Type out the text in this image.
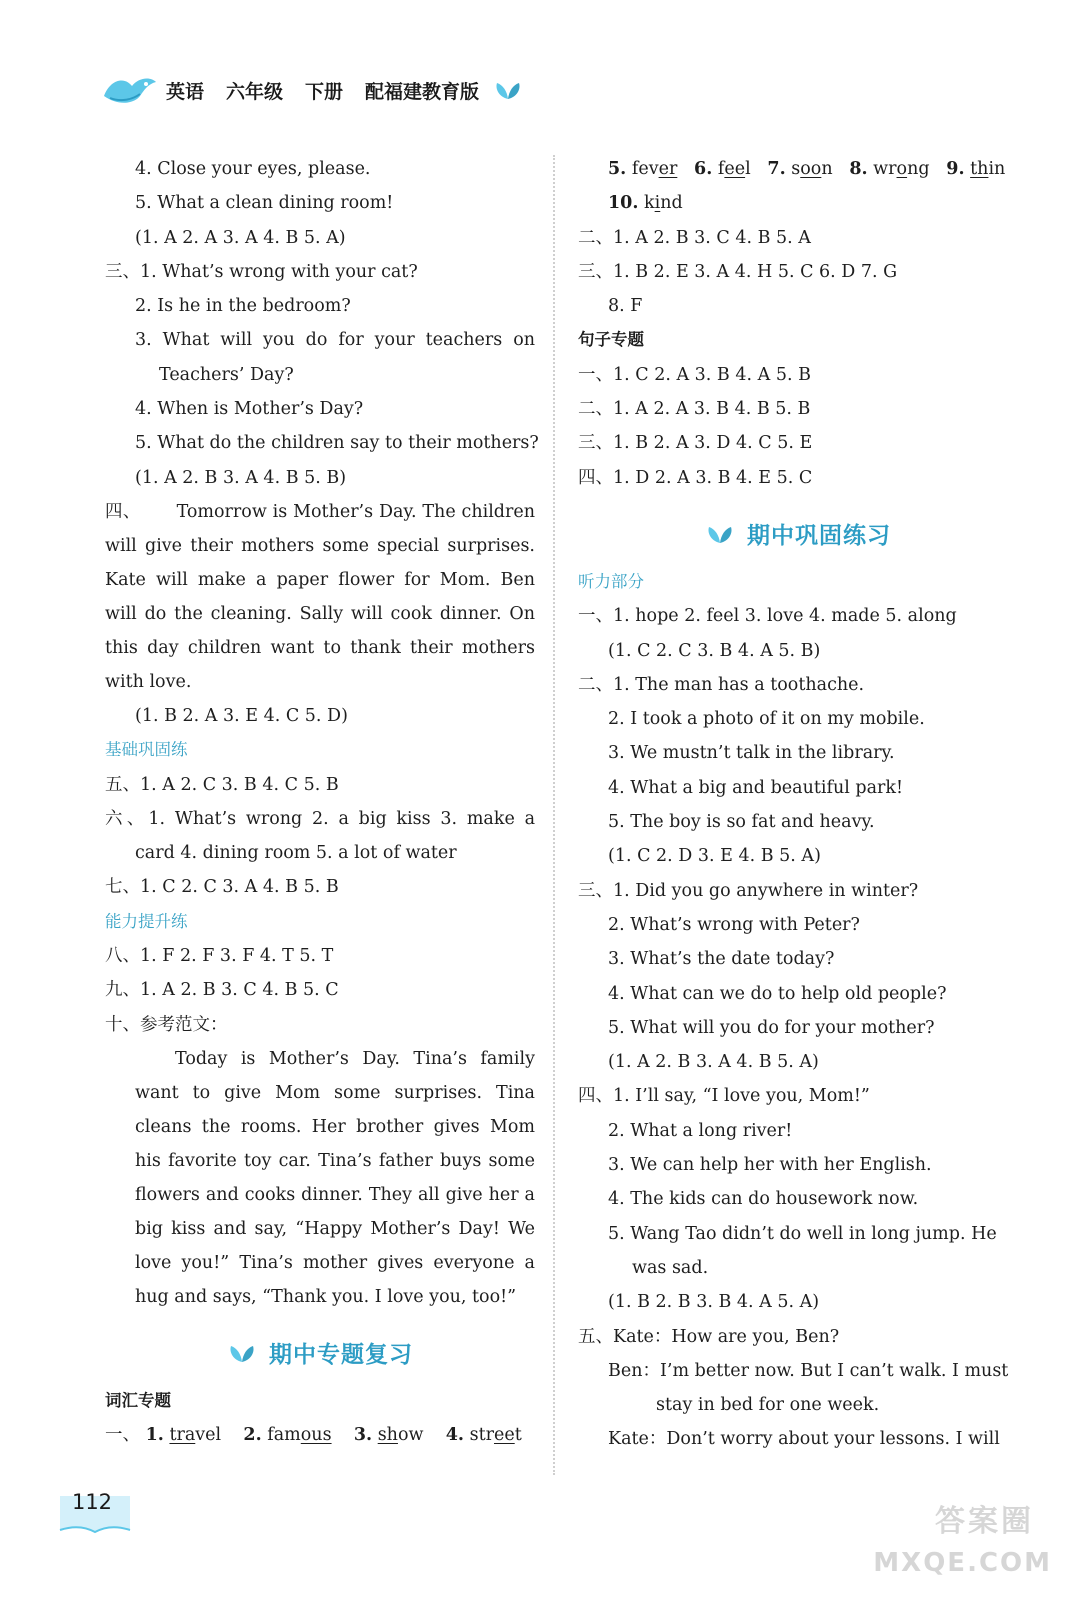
英语 六年级 下册 配福建教育版
4. Close your eyes, please.
5. What a clean dining room!
(1. A 2. A 3. A 4. B 5. A)
三、1. What’s wrong with your cat?
2. Is he in the bedroom?
3. What will you do for your teachers on
Teachers’ Day?
4. When is Mother’s Day?
5. What do the children say to their mothers?
(1. A 2. B 3. A 4. B 5. B)
四、 Tomorrow is Mother’s Day. The children will give their mothers some special surprises. Kate will make a paper flower for Mom. Ben will do the cleaning. Sally will cook dinner. On this day children want to thank their mothers with love.
(1. B 2. A 3. E 4. C 5. D)
基础巩固练
五、1. A 2. C 3. B 4. C 5. B
六、1. What’s wrong 2. a big kiss 3. make a
card 4. dining room 5. a lot of water
七、1. C 2. C 3. A 4. B 5. B
能力提升练
八、1. F 2. F 3. F 4. T 5. T
九、1. A 2. B 3. C 4. B 5. C
十、参考范文：
Today is Mother’s Day. Tina’s family want to give Mom some surprises. Tina cleans the rooms. Her brother gives Mom his favorite toy car. Tina’s father buys some flowers and cooks dinner. They all give her a big kiss and say, “Happy Mother’s Day! We love you!” Tina’s mother gives everyone a hug and says, “Thank you. I love you, too!”
期中专题复习
词汇专题
一、 1. travel 2. famous 3. show 4. street
5. fever 6. feel 7. soon 8. wrong 9. thin
10. kind
二、1. A 2. B 3. C 4. B 5. A
三、1. B 2. E 3. A 4. H 5. C 6. D 7. G
8. F
句子专题
一、1. C 2. A 3. B 4. A 5. B
二、1. A 2. A 3. B 4. B 5. B
三、1. B 2. A 3. D 4. C 5. E
四、1. D 2. A 3. B 4. E 5. C
期中巩固练习
听力部分
一、1. hope 2. feel 3. love 4. made 5. along
(1. C 2. C 3. B 4. A 5. B)
二、1. The man has a toothache.
2. I took a photo of it on my mobile.
3. We mustn’t talk in the library.
4. What a big and beautiful park!
5. The boy is so fat and heavy.
(1. C 2. D 3. E 4. B 5. A)
三、1. Did you go anywhere in winter?
2. What’s wrong with Peter?
3. What’s the date today?
4. What can we do to help old people?
5. What will you do for your mother?
(1. A 2. B 3. A 4. B 5. A)
四、1. I’ll say, “I love you, Mom!”
2. What a long river!
3. We can help her with her English.
4. The kids can do housework now.
5. Wang Tao didn’t do well in long jump. He
was sad.
(1. B 2. B 3. B 4. A 5. A)
五、Kate：How are you, Ben?
Ben：I’m better now. But I can’t walk. I must
stay in bed for one week.
Kate：Don’t worry about your lessons. I will
112
答案圈
MXQE.COM
